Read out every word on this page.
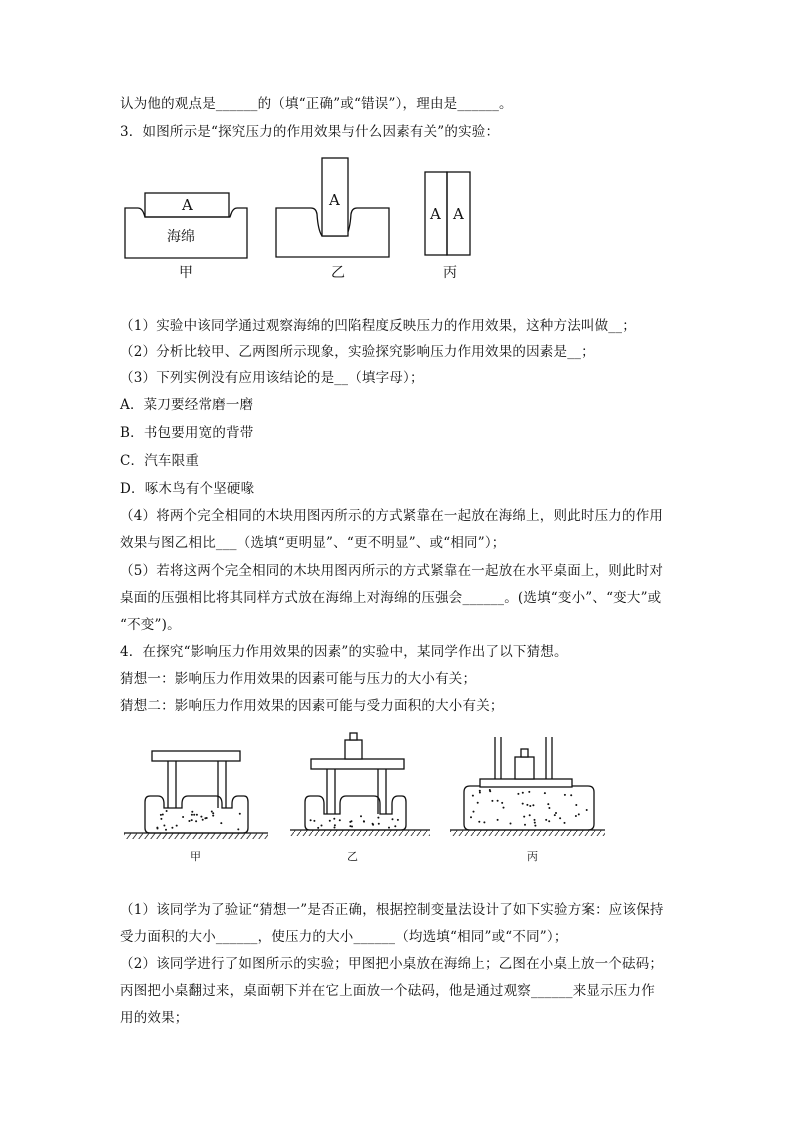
认为他的观点是______的（填“正确”或“错误”），理由是______。
3．如图所示是“探究压力的作用效果与什么因素有关”的实验：
A
海绵
A
A A
甲	乙	丙
（1）实验中该同学通过观察海绵的凹陷程度反映压力的作用效果，这种方法叫做__；
（2）分析比较甲、乙两图所示现象，实验探究影响压力作用效果的因素是__；
（3）下列实例没有应用该结论的是__（填字母）；
A．菜刀要经常磨一磨
B．书包要用宽的背带
C．汽车限重
D．啄木鸟有个坚硬喙
（4）将两个完全相同的木块用图丙所示的方式紧靠在一起放在海绵上，则此时压力的作用
效果与图乙相比___（选填“更明显”、“更不明显”、或“相同”）；
（5）若将这两个完全相同的木块用图丙所示的方式紧靠在一起放在水平桌面上，则此时对
桌面的压强相比将其同样方式放在海绵上对海绵的压强会______。(选填“变小”、“变大”或
“不变”)。
4．在探究“影响压力作用效果的因素”的实验中，某同学作出了以下猜想。
猜想一：影响压力作用效果的因素可能与压力的大小有关；
猜想二：影响压力作用效果的因素可能与受力面积的大小有关；
甲	乙	丙
（1）该同学为了验证“猜想一”是否正确，根据控制变量法设计了如下实验方案：应该保持
受力面积的大小______，使压力的大小______（均选填“相同”或“不同”）；
（2）该同学进行了如图所示的实验；甲图把小桌放在海绵上；乙图在小桌上放一个砝码；
丙图把小桌翻过来，桌面朝下并在它上面放一个砝码，他是通过观察______来显示压力作
用的效果；
